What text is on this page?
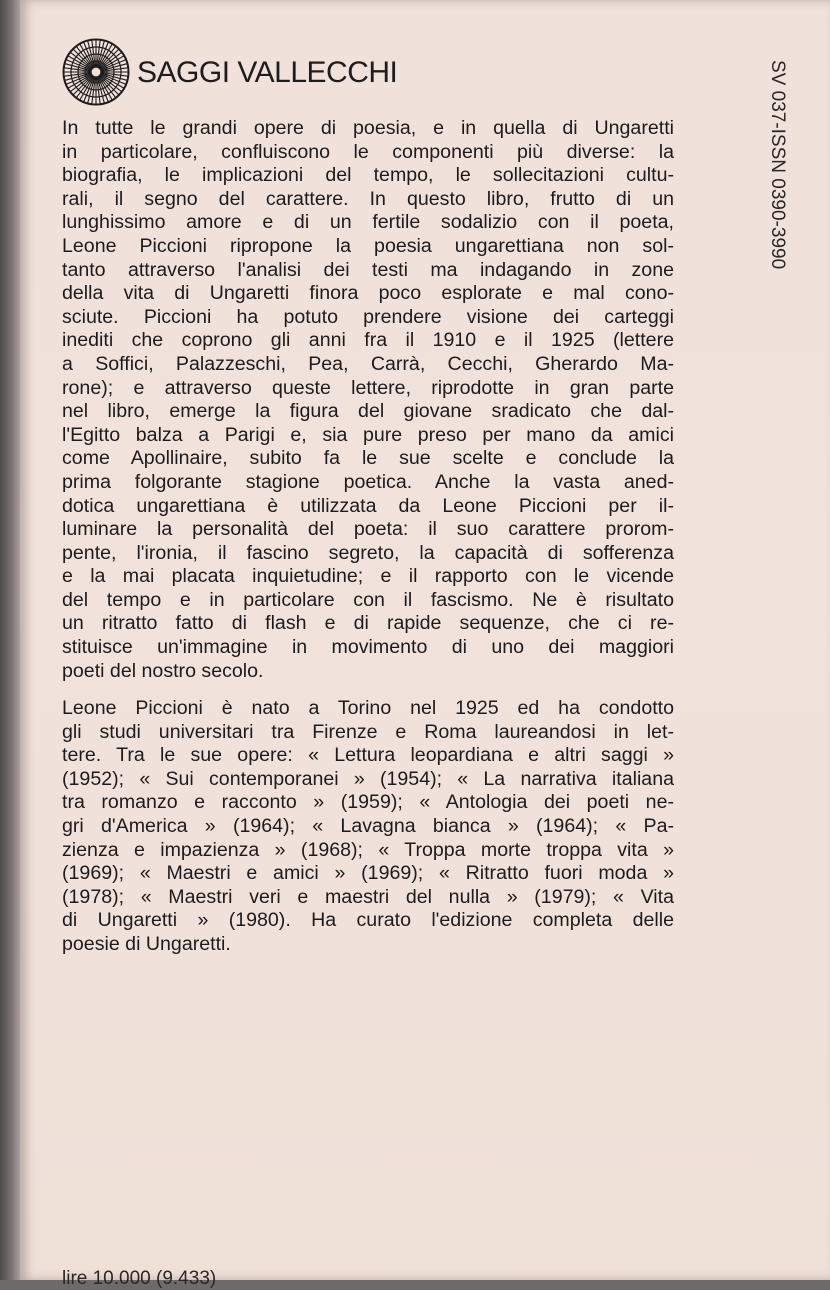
SAGGI VALLECCHI	SV 037-ISSN 0390-3990
In tutte le grandi opere di poesia, e in quella di Ungaretti
in particolare, confluiscono le componenti più diverse: la
biografia, le implicazioni del tempo, le sollecitazioni cultu-
rali, il segno del carattere. In questo libro, frutto di un
lunghissimo amore e di un fertile sodalizio con il poeta,
Leone Piccioni ripropone la poesia ungarettiana non sol-
tanto attraverso l'analisi dei testi ma indagando in zone
della vita di Ungaretti finora poco esplorate e mal cono-
sciute. Piccioni ha potuto prendere visione dei carteggi
inediti che coprono gli anni fra il 1910 e il 1925 (lettere
a Soffici, Palazzeschi, Pea, Carrà, Cecchi, Gherardo Ma-
rone); e attraverso queste lettere, riprodotte in gran parte
nel libro, emerge la figura del giovane sradicato che dal-
l'Egitto balza a Parigi e, sia pure preso per mano da amici
come Apollinaire, subito fa le sue scelte e conclude la
prima folgorante stagione poetica. Anche la vasta aned-
dotica ungarettiana è utilizzata da Leone Piccioni per il-
luminare la personalità del poeta: il suo carattere prorom-
pente, l'ironia, il fascino segreto, la capacità di sofferenza
e la mai placata inquietudine; e il rapporto con le vicende
del tempo e in particolare con il fascismo. Ne è risultato
un ritratto fatto di flash e di rapide sequenze, che ci re-
stituisce un'immagine in movimento di uno dei maggiori
poeti del nostro secolo.
Leone Piccioni è nato a Torino nel 1925 ed ha condotto
gli studi universitari tra Firenze e Roma laureandosi in let-
tere. Tra le sue opere: « Lettura leopardiana e altri saggi »
(1952); « Sui contemporanei » (1954); « La narrativa italiana
tra romanzo e racconto » (1959); « Antologia dei poeti ne-
gri d'America » (1964); « Lavagna bianca » (1964); « Pa-
zienza e impazienza » (1968); « Troppa morte troppa vita »
(1969); « Maestri e amici » (1969); « Ritratto fuori moda »
(1978); « Maestri veri e maestri del nulla » (1979); « Vita
di Ungaretti » (1980). Ha curato l'edizione completa delle
poesie di Ungaretti.
lire 10.000 (9.433)
